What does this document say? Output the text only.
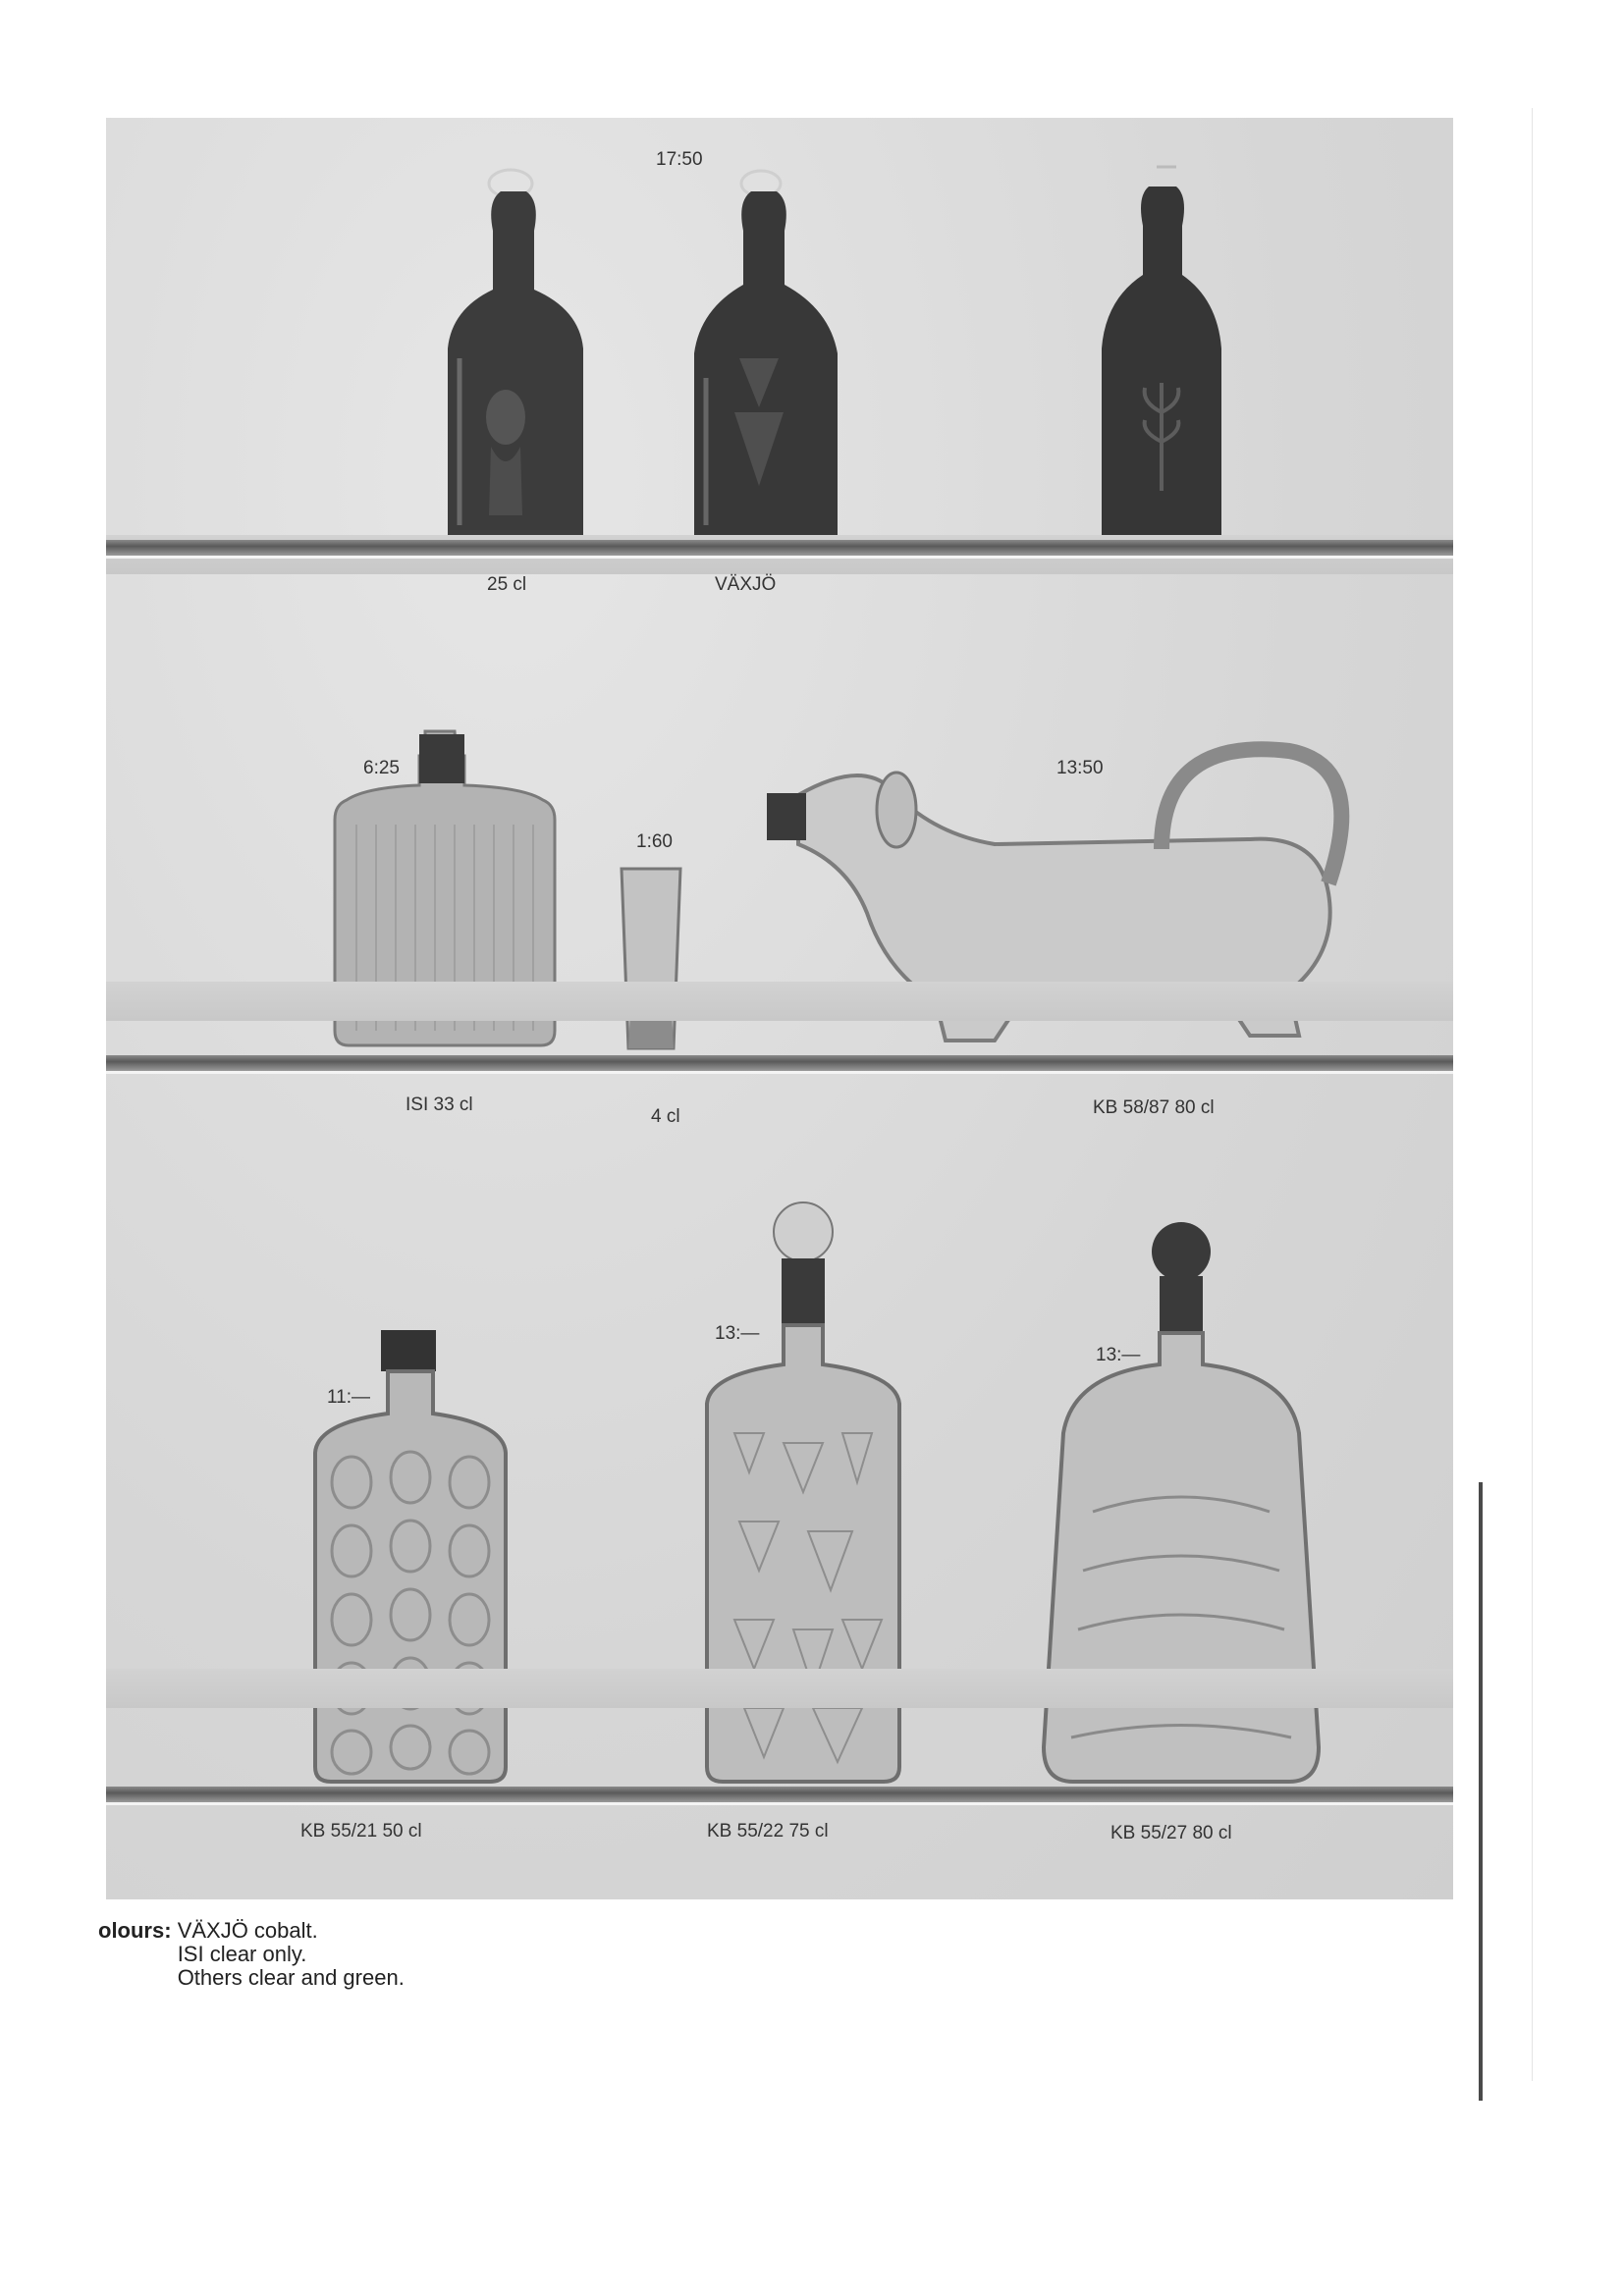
17:50
25 cl	VÄXJÖ
6:25
1:60
13:50
ISI 33 cl
4 cl	KB 58/87 80 cl
11:—
13:—
13:—
KB 55/21 50 cl	KB 55/22 75 cl	KB 55/27 80 cl
olours: VÄXJÖ cobalt.
ISI clear only.
Others clear and green.
